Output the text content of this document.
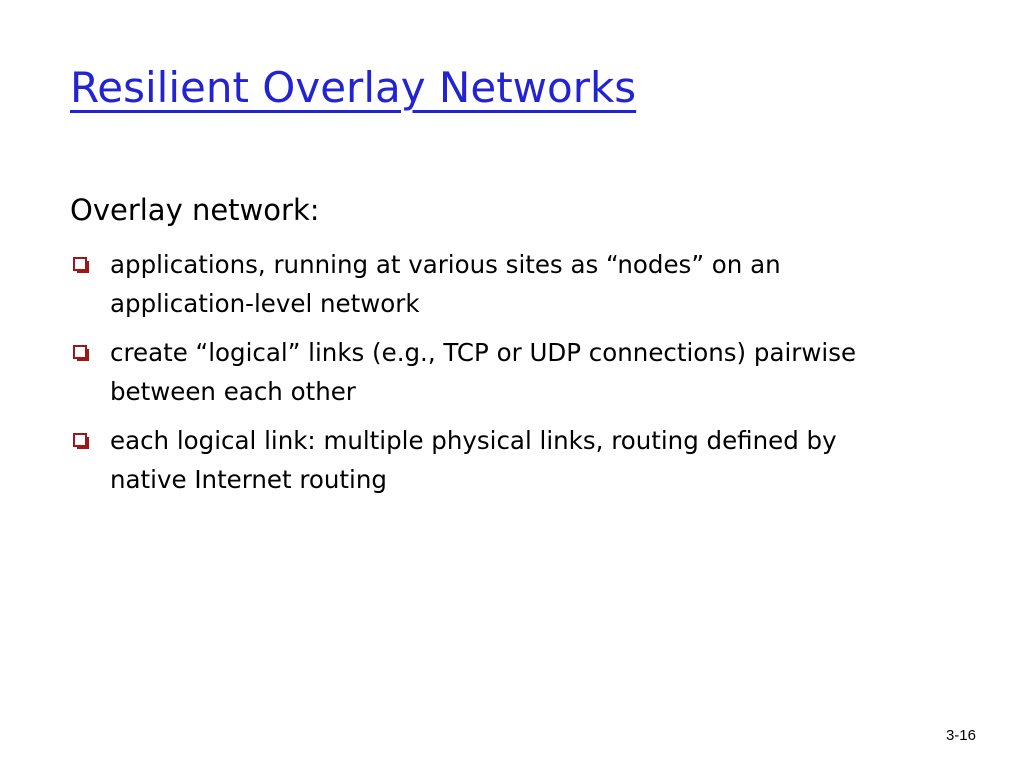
Resilient Overlay Networks
Overlay network:
applications, running at various sites as “nodes” on an application-level network
create “logical” links (e.g., TCP or UDP connections) pairwise between each other
each logical link: multiple physical links, routing defined by native Internet routing
3-16
